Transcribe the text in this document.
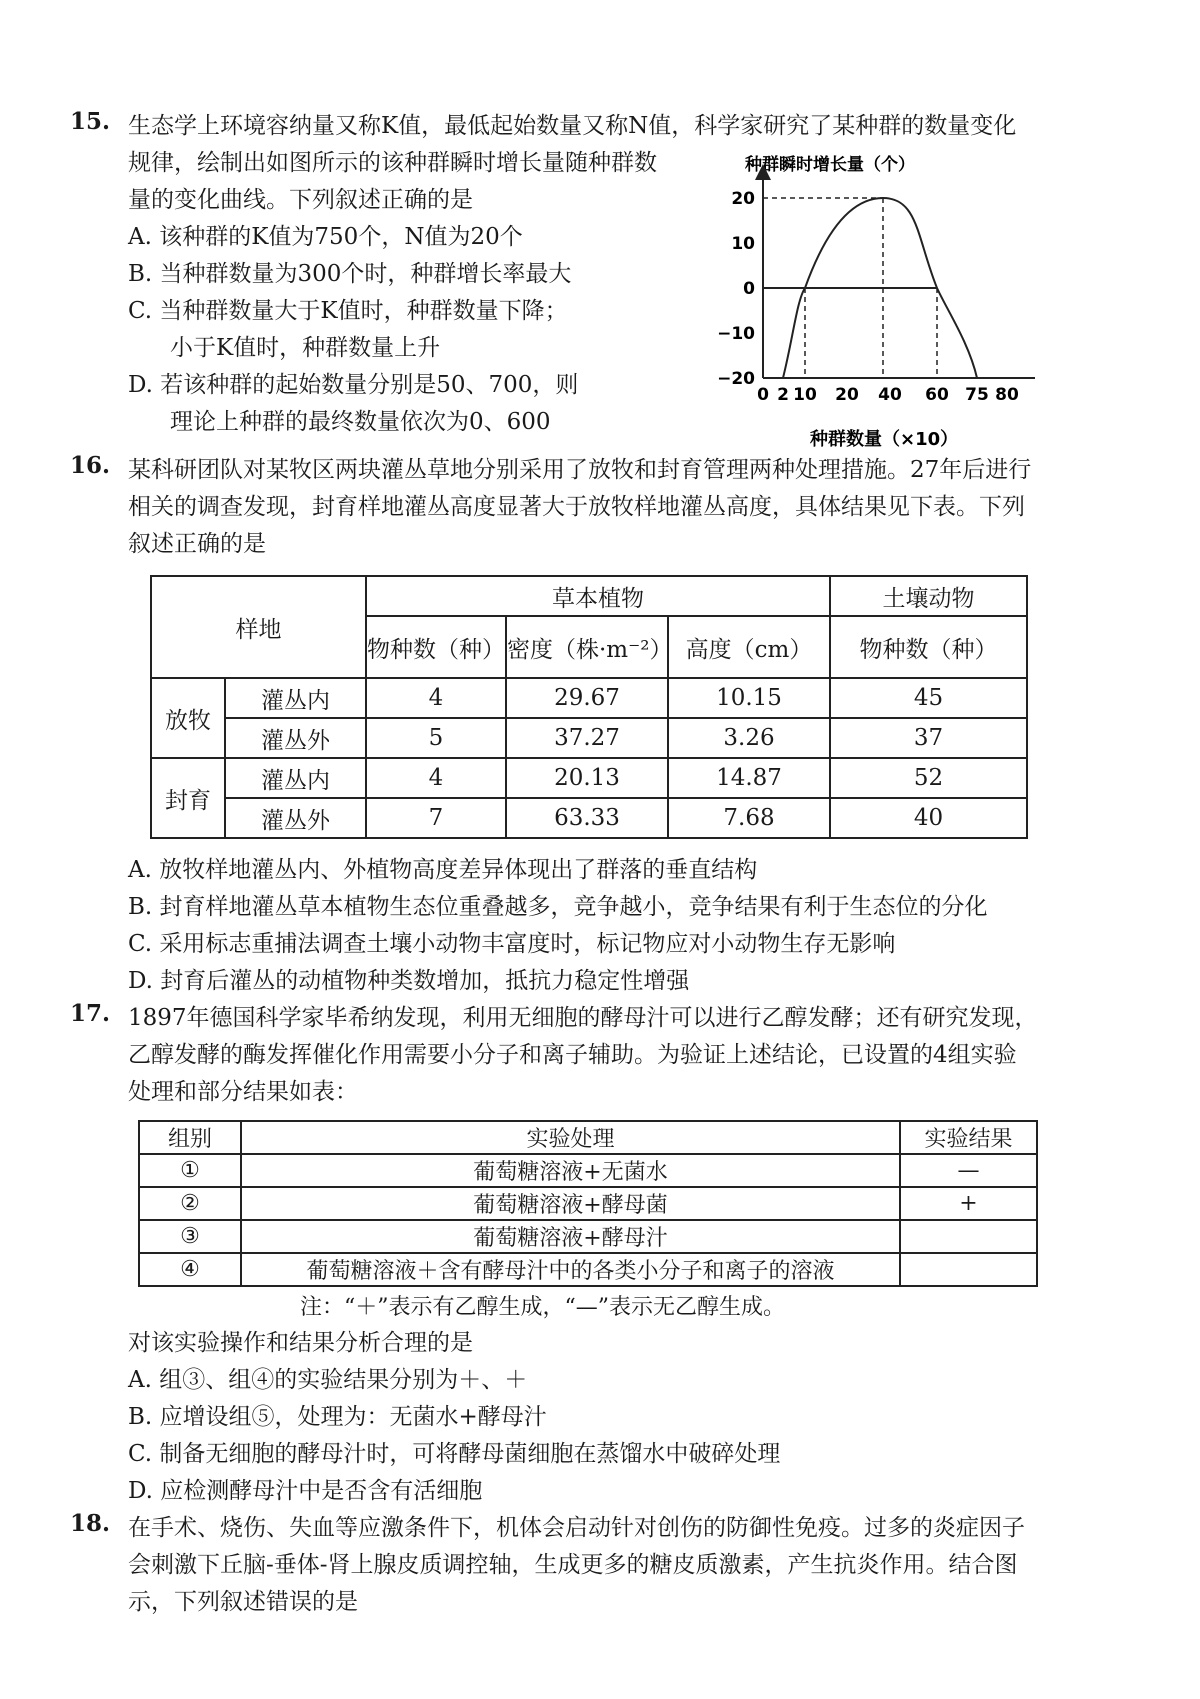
15. 生态学上环境容纳量又称K值，最低起始数量又称N值，科学家研究了某种群的数量变化
规律，绘制出如图所示的该种群瞬时增长量随种群数
量的变化曲线。下列叙述正确的是
A. 该种群的K值为750个，N值为20个
B. 当种群数量为300个时，种群增长率最大
C. 当种群数量大于K值时，种群数量下降；
小于K值时，种群数量上升
D. 若该种群的起始数量分别是50、700，则
理论上种群的最终数量依次为0、600
种群瞬时增长量（个）
种群数量（×10）
20
10
0
−10
−20
0 2 10 20 40 60 75 80
16. 某科研团队对某牧区两块灌丛草地分别采用了放牧和封育管理两种处理措施。27年后进行
相关的调查发现，封育样地灌丛高度显著大于放牧样地灌丛高度，具体结果见下表。下列
叙述正确的是
样地		草本植物			土壤动物
		物种数（种）	密度（株·m⁻²）	高度（cm）	物种数（种）
放牧	灌丛内	4	29.67	10.15	45
	灌丛外	5	37.27	3.26	37
封育	灌丛内	4	20.13	14.87	52
	灌丛外	7	63.33	7.68	40
A. 放牧样地灌丛内、外植物高度差异体现出了群落的垂直结构
B. 封育样地灌丛草本植物生态位重叠越多，竞争越小，竞争结果有利于生态位的分化
C. 采用标志重捕法调查土壤小动物丰富度时，标记物应对小动物生存无影响
D. 封育后灌丛的动植物种类数增加，抵抗力稳定性增强
17. 1897年德国科学家毕希纳发现，利用无细胞的酵母汁可以进行乙醇发酵；还有研究发现，
乙醇发酵的酶发挥催化作用需要小分子和离子辅助。为验证上述结论，已设置的4组实验
处理和部分结果如表：
组别	实验处理	实验结果
①	葡萄糖溶液+无菌水	—
②	葡萄糖溶液+酵母菌	+
③	葡萄糖溶液+酵母汁	
④	葡萄糖溶液＋含有酵母汁中的各类小分子和离子的溶液	
注：“＋”表示有乙醇生成，“—”表示无乙醇生成。
对该实验操作和结果分析合理的是
A. 组③、组④的实验结果分别为＋、＋
B. 应增设组⑤，处理为：无菌水+酵母汁
C. 制备无细胞的酵母汁时，可将酵母菌细胞在蒸馏水中破碎处理
D. 应检测酵母汁中是否含有活细胞
18. 在手术、烧伤、失血等应激条件下，机体会启动针对创伤的防御性免疫。过多的炎症因子
会刺激下丘脑-垂体-肾上腺皮质调控轴，生成更多的糖皮质激素，产生抗炎作用。结合图
示，下列叙述错误的是
